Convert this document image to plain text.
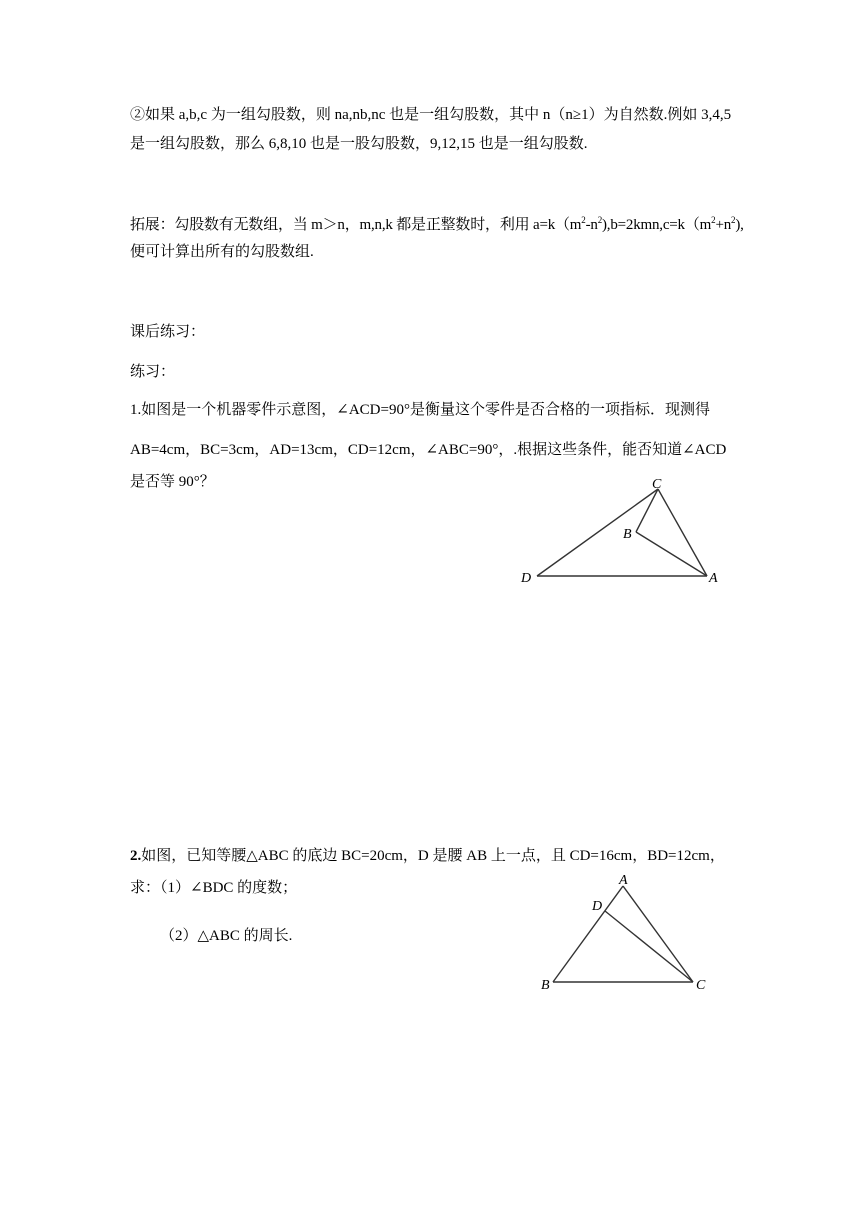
②如果 a,b,c 为一组勾股数，则 na,nb,nc 也是一组勾股数，其中 n（n≥1）为自然数.例如 3,4,5
是一组勾股数，那么 6,8,10 也是一股勾股数，9,12,15 也是一组勾股数.
拓展：勾股数有无数组，当 m＞n，m,n,k 都是正整数时，利用 $a=k(m^2-n^2),b=2kmn,c=k(m^2+n^2)$,
便可计算出所有的勾股数组.
课后练习：
练习：
1.如图是一个机器零件示意图，∠ACD=90°是衡量这个零件是否合格的一项指标．现测得
AB=4cm，BC=3cm，AD=13cm，CD=12cm，∠ABC=90°，.根据这些条件，能否知道∠ACD
是否等 90°？	C
B
D	A
2.如图，已知等腰△ABC 的底边 BC=20cm，D 是腰 AB 上一点，且 CD=16cm，BD=12cm，
求：（1）∠BDC 的度数；
（2）△ABC 的周长.
A
D
B	C
